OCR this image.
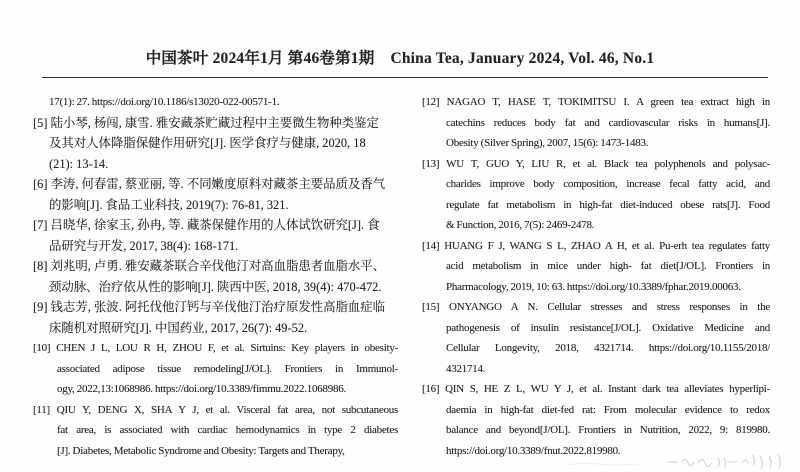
中国茶叶 2024年1月 第46卷第1期 China Tea, January 2024, Vol. 46, No.1
17(1): 27. https://doi.org/10.1186/s13020-022-00571-1.
[5] 陆小琴, 杨闯, 康雪. 雅安藏茶贮藏过程中主要微生物种类鉴定
及其对人体降脂保健作用研究[J]. 医学食疗与健康, 2020, 18
(21): 13-14.
[6] 李涛, 何春雷, 蔡亚丽, 等. 不同嫩度原料对藏茶主要品质及香气
的影响[J]. 食品工业科技, 2019(7): 76-81, 321.
[7] 吕晓华, 徐家玉, 孙冉, 等. 藏茶保健作用的人体试饮研究[J]. 食
品研究与开发, 2017, 38(4): 168-171.
[8] 刘兆明, 卢勇. 雅安藏茶联合辛伐他汀对高血脂患者血脂水平、
颈动脉、治疗依从性的影响[J]. 陕西中医, 2018, 39(4): 470-472.
[9] 钱志芳, 张波. 阿托伐他汀钙与辛伐他汀治疗原发性高脂血症临
床随机对照研究[J]. 中国药业, 2017, 26(7): 49-52.
[10] CHEN J L, LOU R H, ZHOU F, et al. Sirtuins: Key players in obesity-
associated adipose tissue remodeling[J/OL]. Frontiers in Immunol-
ogy, 2022,13:1068986. https://doi.org/10.3389/fimmu.2022.1068986.
[11] QIU Y, DENG X, SHA Y J, et al. Visceral fat area, not subcutaneous
fat area, is associated with cardiac hemodynamics in type 2 diabetes
[J]. Diabetes, Metabolic Syndrome and Obesity: Targets and Therapy,
[12] NAGAO T, HASE T, TOKIMITSU I. A green tea extract high in
catechins reduces body fat and cardiovascular risks in humans[J].
Obesity (Silver Spring), 2007, 15(6): 1473-1483.
[13] WU T, GUO Y, LIU R, et al. Black tea polyphenols and polysac-
charides improve body composition, increase fecal fatty acid, and
regulate fat metabolism in high-fat diet-induced obese rats[J]. Food
& Function, 2016, 7(5): 2469-2478.
[14] HUANG F J, WANG S L, ZHAO A H, et al. Pu-erh tea regulates fatty
acid metabolism in mice under high- fat diet[J/OL]. Frontiers in
Pharmacology, 2019, 10: 63. https://doi.org/10.3389/fphar.2019.00063.
[15] ONYANGO A N. Cellular stresses and stress responses in the
pathogenesis of insulin resistance[J/OL]. Oxidative Medicine and
Cellular Longevity, 2018, 4321714. https://doi.org/10.1155/2018/
4321714.
[16] QIN S, HE Z L, WU Y J, et al. Instant dark tea alleviates hyperlipi-
daemia in high-fat diet-fed rat: From molecular evidence to redox
balance and beyond[J/OL]. Frontiers in Nutrition, 2022, 9: 819980.
https://doi.org/10.3389/fnut.2022.819980.
